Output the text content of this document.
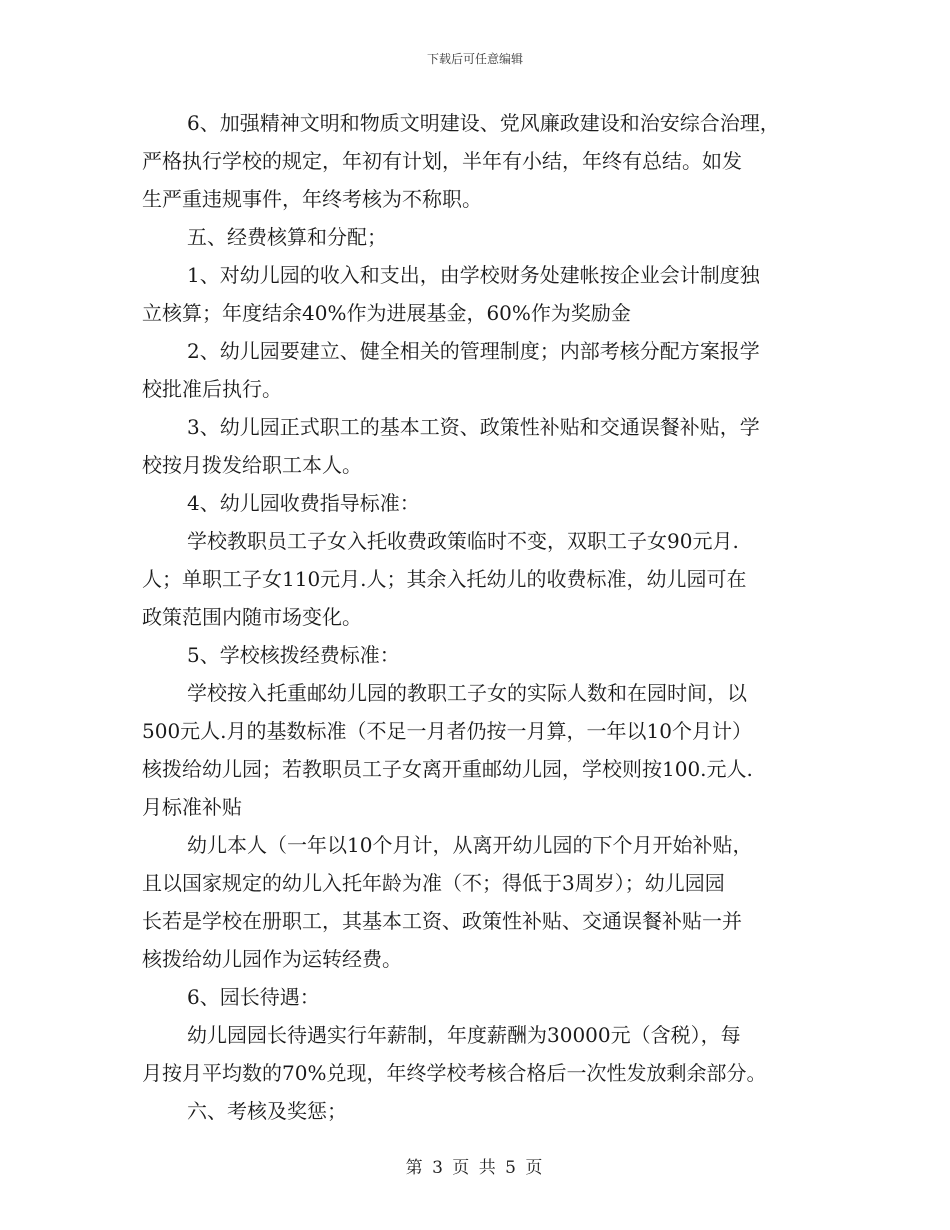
下载后可任意编辑
6、加强精神文明和物质文明建设、党风廉政建设和治安综合治理，
严格执行学校的规定，年初有计划，半年有小结，年终有总结。如发
生严重违规事件，年终考核为不称职。
五、经费核算和分配；
1、对幼儿园的收入和支出，由学校财务处建帐按企业会计制度独
立核算；年度结余40%作为进展基金，60%作为奖励金
2、幼儿园要建立、健全相关的管理制度；内部考核分配方案报学
校批准后执行。
3、幼儿园正式职工的基本工资、政策性补贴和交通误餐补贴，学
校按月拨发给职工本人。
4、幼儿园收费指导标准：
学校教职员工子女入托收费政策临时不变，双职工子女90元月.
人；单职工子女110元月.人；其余入托幼儿的收费标准，幼儿园可在
政策范围内随市场变化。
5、学校核拨经费标准：
学校按入托重邮幼儿园的教职工子女的实际人数和在园时间，以
500元人.月的基数标准（不足一月者仍按一月算，一年以10个月计）
核拨给幼儿园；若教职员工子女离开重邮幼儿园，学校则按100.元人.
月标准补贴
幼儿本人（一年以10个月计，从离开幼儿园的下个月开始补贴，
且以国家规定的幼儿入托年龄为准（不；得低于3周岁）；幼儿园园
长若是学校在册职工，其基本工资、政策性补贴、交通误餐补贴一并
核拨给幼儿园作为运转经费。
6、园长待遇：
幼儿园园长待遇实行年薪制，年度薪酬为30000元（含税），每
月按月平均数的70%兑现，年终学校考核合格后一次性发放剩余部分。
六、考核及奖惩；
第 3 页 共 5 页
